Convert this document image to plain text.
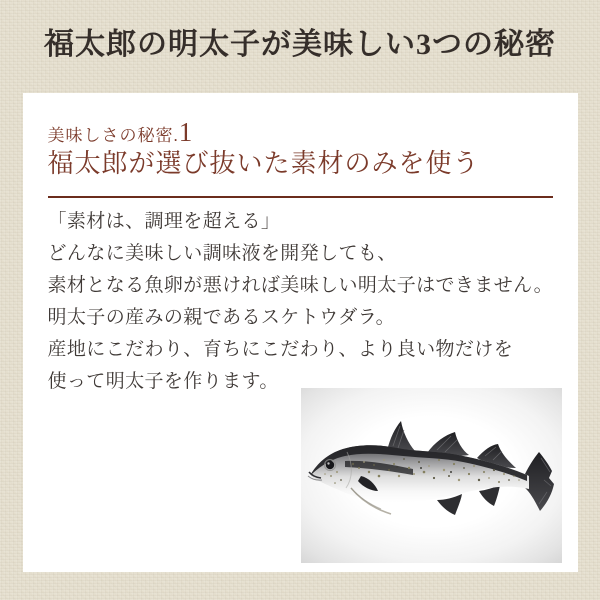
福太郎の明太子が美味しい3つの秘密
美味しさの秘密.1
福太郎が選び抜いた素材のみを使う

「素材は、調理を超える」

どんなに美味しい調味液を開発しても、

素材となる魚卵が悪ければ美味しい明太子はできません。

明太子の産みの親であるスケトウダラ。

産地にこだわり、育ちにこだわり、より良い物だけを

使って明太子を作ります。
